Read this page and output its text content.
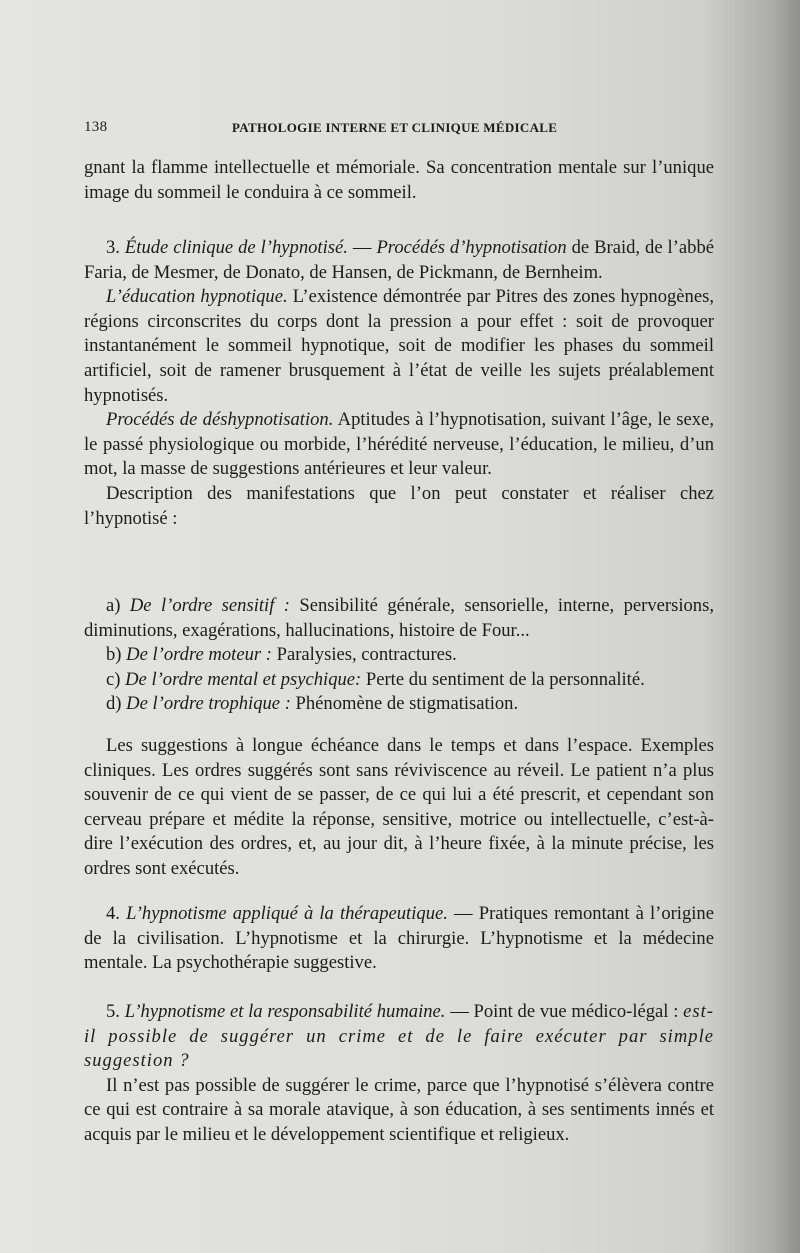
138	PATHOLOGIE INTERNE ET CLINIQUE MÉDICALE

gnant la flamme intellectuelle et mémoriale. Sa concentration mentale sur l’unique image du sommeil le conduira à ce sommeil.

3. Étude clinique de l’hypnotisé. — Procédés d’hypnotisation de Braid, de l’abbé Faria, de Mesmer, de Donato, de Hansen, de Pickmann, de Bernheim.

L’éducation hypnotique. L’existence démontrée par Pitres des zones hypnogènes, régions circonscrites du corps dont la pression a pour effet : soit de provoquer instantanément le sommeil hypnotique, soit de modifier les phases du sommeil artificiel, soit de ramener brusquement à l’état de veille les sujets préalablement hypnotisés.

Procédés de déshypnotisation. Aptitudes à l’hypnotisation, suivant l’âge, le sexe, le passé physiologique ou morbide, l’hérédité nerveuse, l’éducation, le milieu, d’un mot, la masse de suggestions antérieures et leur valeur.

Description des manifestations que l’on peut constater et réaliser chez l’hypnotisé :

a) De l’ordre sensitif : Sensibilité générale, sensorielle, interne, perversions, diminutions, exagérations, hallucinations, histoire de Four...

b) De l’ordre moteur : Paralysies, contractures.

c) De l’ordre mental et psychique: Perte du sentiment de la personnalité.

d) De l’ordre trophique : Phénomène de stigmatisation.

Les suggestions à longue échéance dans le temps et dans l’espace. Exemples cliniques. Les ordres suggérés sont sans réviviscence au réveil. Le patient n’a plus souvenir de ce qui vient de se passer, de ce qui lui a été prescrit, et cependant son cerveau prépare et médite la réponse, sensitive, motrice ou intellectuelle, c’est-à-dire l’exécution des ordres, et, au jour dit, à l’heure fixée, à la minute précise, les ordres sont exécutés.

4. L’hypnotisme appliqué à la thérapeutique. — Pratiques remontant à l’origine de la civilisation. L’hypnotisme et la chirurgie. L’hypnotisme et la médecine mentale. La psychothérapie suggestive.

5. L’hypnotisme et la responsabilité humaine. — Point de vue médico-légal : est-il possible de suggérer un crime et de le faire exécuter par simple suggestion ?

Il n’est pas possible de suggérer le crime, parce que l’hypnotisé s’élèvera contre ce qui est contraire à sa morale atavique, à son éducation, à ses sentiments innés et acquis par le milieu et le développement scientifique et religieux.
